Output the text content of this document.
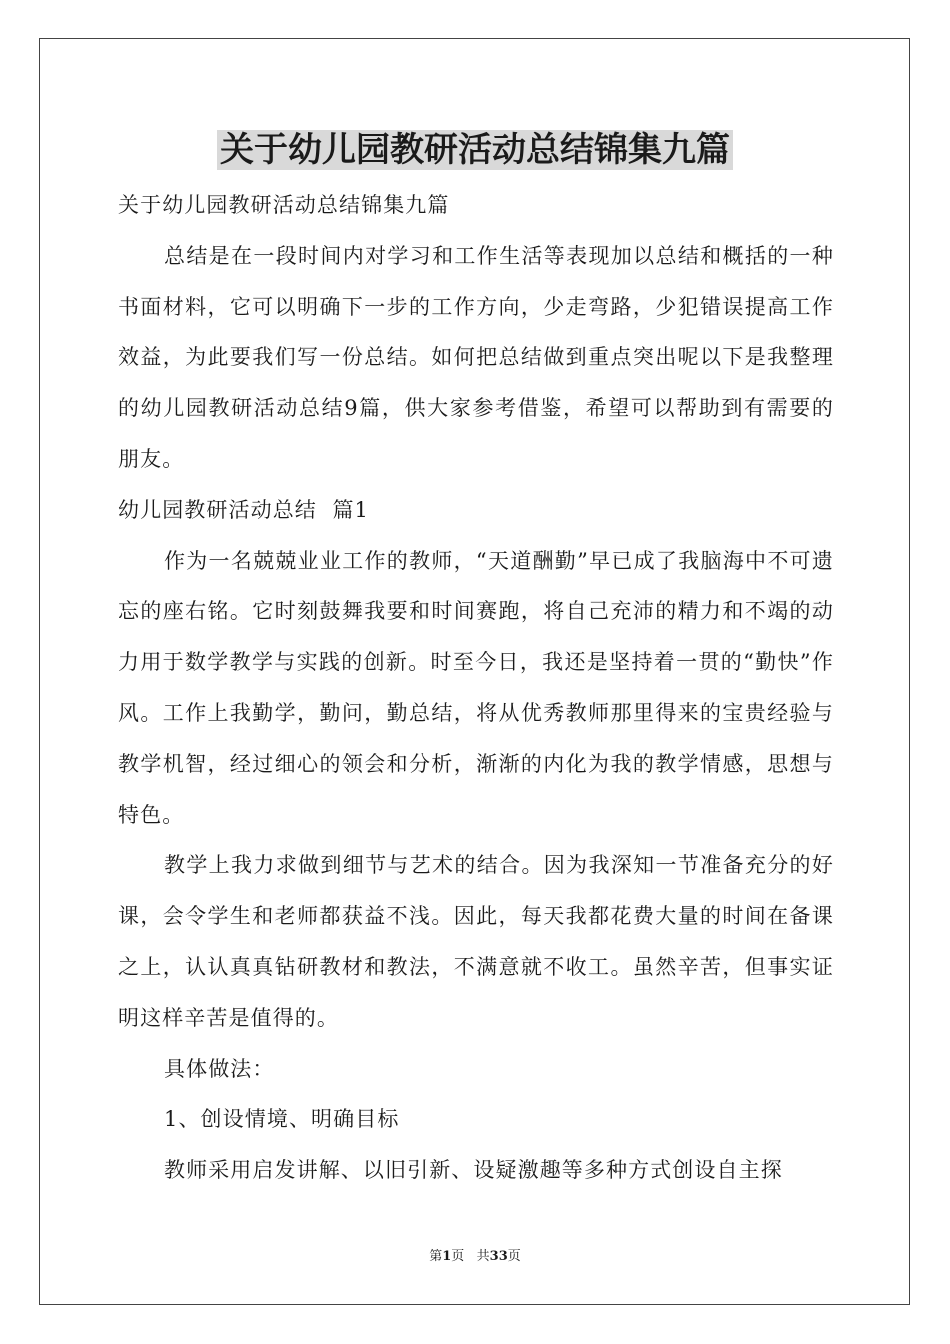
关于幼儿园教研活动总结锦集九篇

关于幼儿园教研活动总结锦集九篇

总结是在一段时间内对学习和工作生活等表现加以总结和概括的一种书面材料，它可以明确下一步的工作方向，少走弯路，少犯错误提高工作效益，为此要我们写一份总结。如何把总结做到重点突出呢以下是我整理的幼儿园教研活动总结9篇，供大家参考借鉴，希望可以帮助到有需要的朋友。

幼儿园教研活动总结  篇1

作为一名兢兢业业工作的教师，“天道酬勤”早已成了我脑海中不可遗忘的座右铭。它时刻鼓舞我要和时间赛跑，将自己充沛的精力和不竭的动力用于数学教学与实践的创新。时至今日，我还是坚持着一贯的“勤快”作风。工作上我勤学，勤问，勤总结，将从优秀教师那里得来的宝贵经验与教学机智，经过细心的领会和分析，渐渐的内化为我的教学情感，思想与特色。

教学上我力求做到细节与艺术的结合。因为我深知一节准备充分的好课，会令学生和老师都获益不浅。因此，每天我都花费大量的时间在备课之上，认认真真钻研教材和教法，不满意就不收工。虽然辛苦，但事实证明这样辛苦是值得的。

具体做法：

1、创设情境、明确目标

教师采用启发讲解、以旧引新、设疑激趣等多种方式创设自主探

第1页   共33页
